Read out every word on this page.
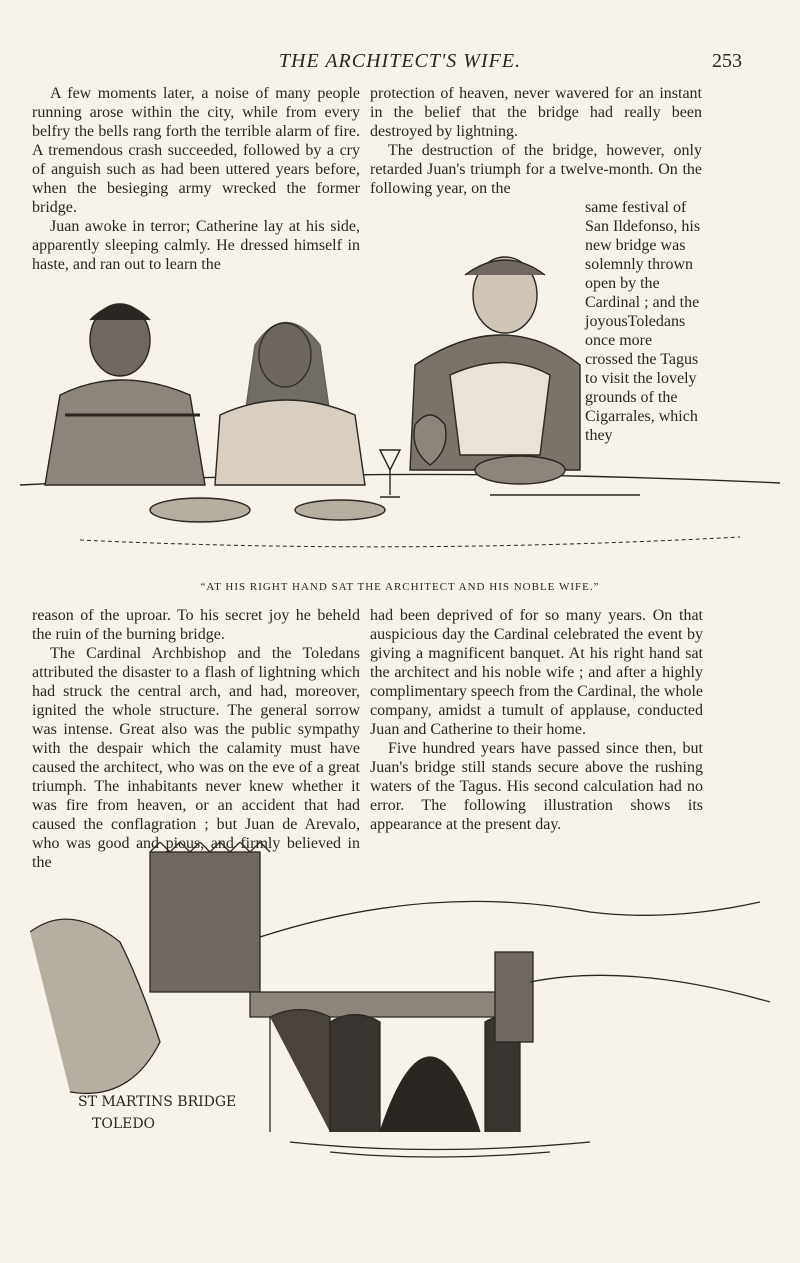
THE ARCHITECT'S WIFE.	253

A few moments later, a noise of many people running arose within the city, while from every belfry the bells rang forth the terrible alarm of fire. A tremendous crash succeeded, followed by a cry of anguish such as had been uttered years before, when the besieging army wrecked the former bridge.

Juan awoke in terror; Catherine lay at his side, apparently sleeping calmly. He dressed himself in haste, and ran out to learn the

protection of heaven, never wavered for an instant in the belief that the bridge had really been destroyed by lightning.

The destruction of the bridge, however, only retarded Juan's triumph for a twelve-month. On the following year, on the

same festival of San Ildefonso, his new bridge was solemnly thrown open by the Cardinal ; and the joyousToledans once more crossed the Tagus to visit the lovely grounds of the Cigarrales, which they
“AT HIS RIGHT HAND SAT THE ARCHITECT AND HIS NOBLE WIFE.”

reason of the uproar. To his secret joy he beheld the ruin of the burning bridge.

The Cardinal Archbishop and the Toledans attributed the disaster to a flash of lightning which had struck the central arch, and had, moreover, ignited the whole structure. The general sorrow was intense. Great also was the public sympathy with the despair which the calamity must have caused the architect, who was on the eve of a great triumph. The inhabitants never knew whether it was fire from heaven, or an accident that had caused the conflagration ; but Juan de Arevalo, who was good and pious, and firmly believed in the

had been deprived of for so many years. On that auspicious day the Cardinal celebrated the event by giving a magnificent banquet. At his right hand sat the architect and his noble wife ; and after a highly complimentary speech from the Cardinal, the whole company, amidst a tumult of applause, conducted Juan and Catherine to their home.

Five hundred years have passed since then, but Juan's bridge still stands secure above the rushing waters of the Tagus. His second calculation had no error. The following illustration shows its appearance at the present day.

ST MARTINS BRIDGE
TOLEDO
